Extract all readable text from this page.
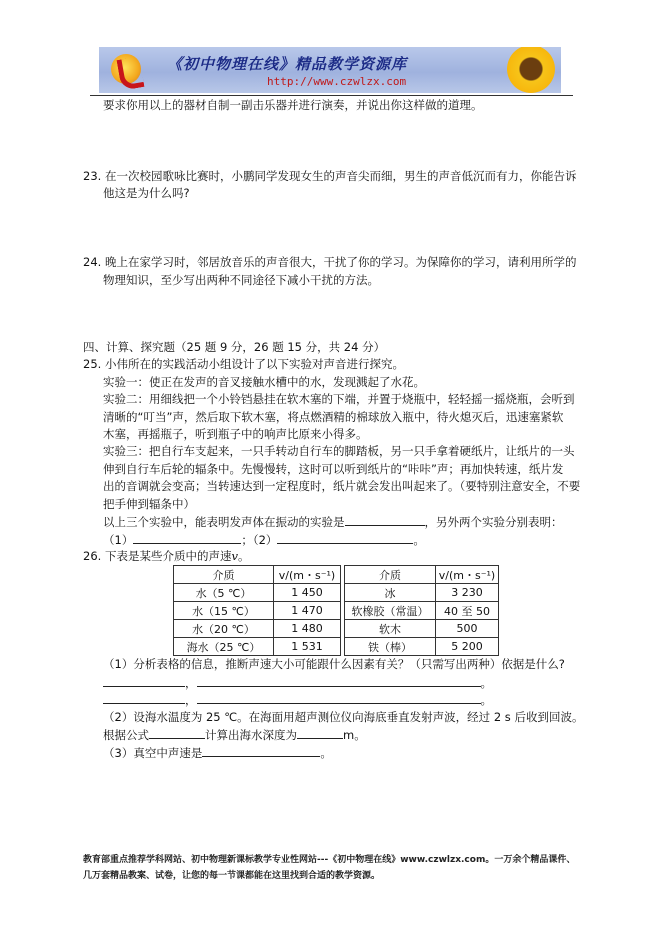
《初中物理在线》精品教学资源库
http://www.czwlzx.com
要求你用以上的器材自制一副击乐器并进行演奏，并说出你这样做的道理。
23. 在一次校园歌咏比赛时，小鹏同学发现女生的声音尖而细，男生的声音低沉而有力，你能告诉
他这是为什么吗?
24. 晚上在家学习时，邻居放音乐的声音很大，干扰了你的学习。为保障你的学习，请利用所学的
物理知识，至少写出两种不同途径下减小干扰的方法。
四、计算、探究题（25 题 9 分，26 题 15 分，共 24 分）
25. 小伟所在的实践活动小组设计了以下实验对声音进行探究。
实验一：使正在发声的音叉接触水槽中的水，发现溅起了水花。
实验二：用细线把一个小铃铛悬挂在软木塞的下端，并置于烧瓶中，轻轻摇一摇烧瓶，会听到
清晰的“叮当”声，然后取下软木塞，将点燃酒精的棉球放入瓶中，待火熄灭后，迅速塞紧软
木塞，再摇瓶子，听到瓶子中的响声比原来小得多。
实验三：把自行车支起来，一只手转动自行车的脚踏板，另一只手拿着硬纸片，让纸片的一头
伸到自行车后轮的辐条中。先慢慢转，这时可以听到纸片的“咔咔”声；再加快转速，纸片发
出的音调就会变高；当转速达到一定程度时，纸片就会发出叫起来了。（要特别注意安全，不要
把手伸到辐条中）
以上三个实验中，能表明发声体在振动的实验是	，另外两个实验分别表明：
（1）	；（2）	。
26. 下表是某些介质中的声速v。
介质	v/(m・s⁻¹)		介质	v/(m・s⁻¹)
水（5 ℃）	1 450		冰	3 230
水（15 ℃）	1 470		软橡胶（常温）	40 至 50
水（20 ℃）	1 480		软木	500
海水（25 ℃）	1 531		铁（棒）	5 200
（1）分析表格的信息，推断声速大小可能跟什么因素有关？（只需写出两种）依据是什么?
，	。
，	。
（2）设海水温度为 25 ℃。在海面用超声测位仪向海底垂直发射声波，经过 2 s 后收到回波。
根据公式	计算出海水深度为	m。
（3）真空中声速是	。
教育部重点推荐学科网站、初中物理新课标教学专业性网站---《初中物理在线》www.czwlzx.com。一万余个精品课件、几万套精品教案、试卷，让您的每一节课都能在这里找到合适的教学资源。
